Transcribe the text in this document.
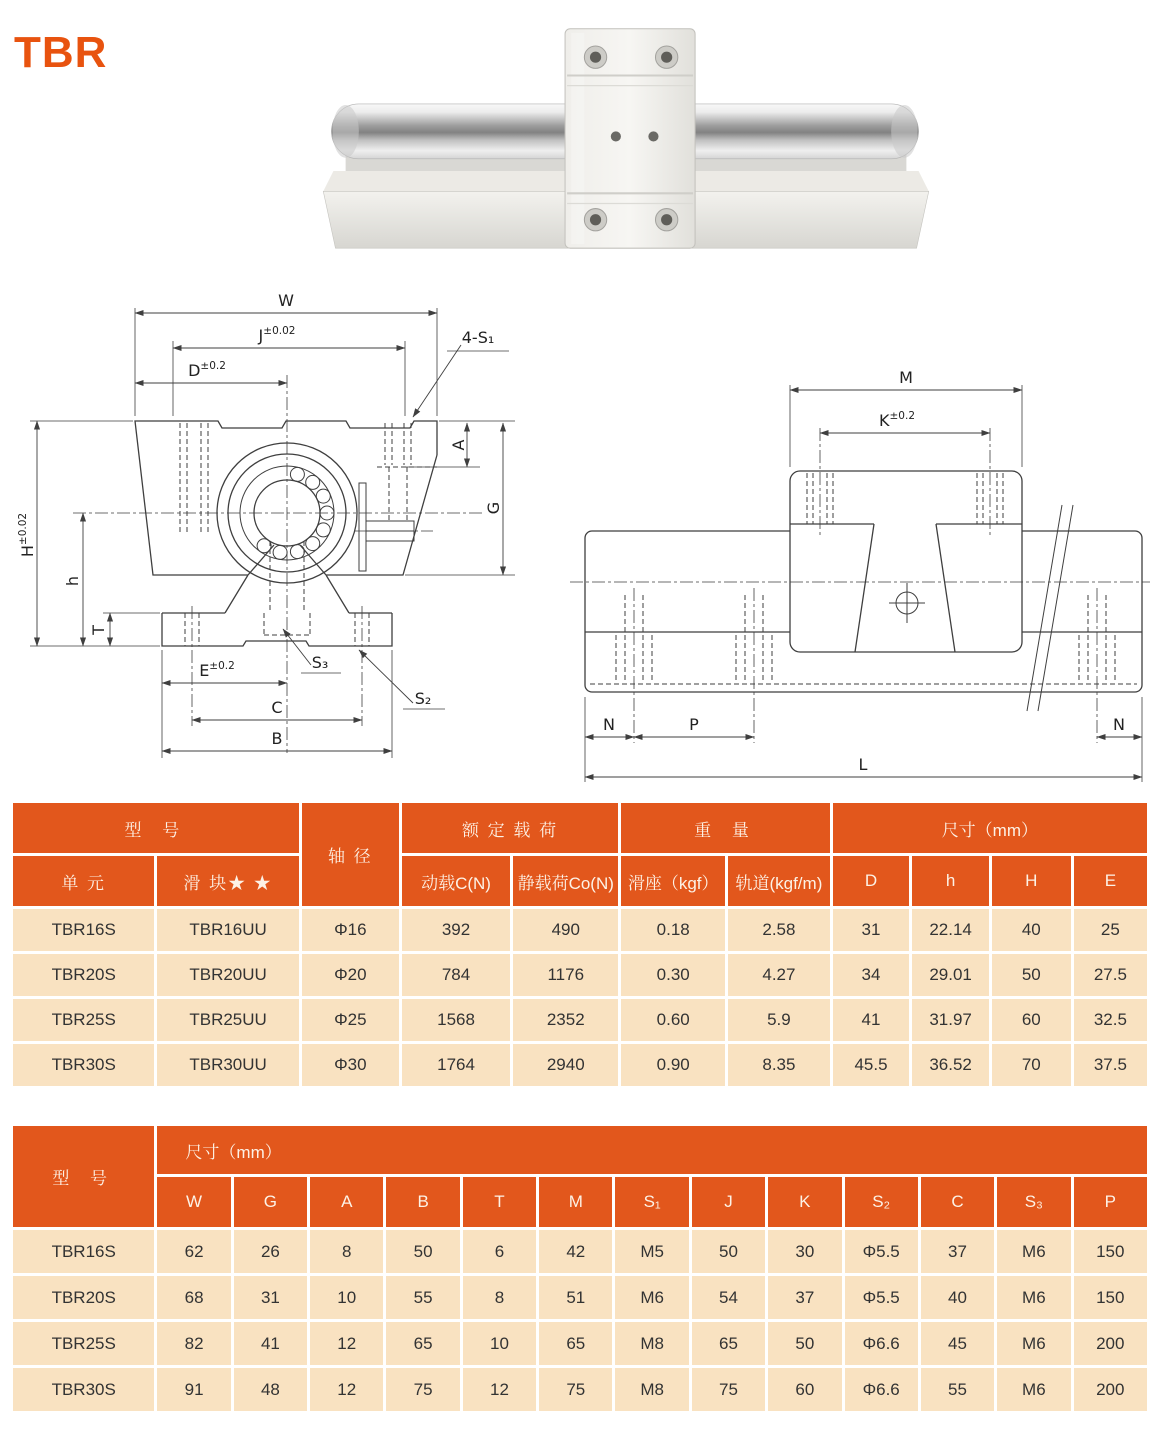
TBR
W
$J^{\pm 0.02}$
$D^{\pm 0.2}$
4-S₁
A
G
$H^{\pm 0.02}$
h
T
$E^{\pm 0.2}$
C
B
S₃
S₂
M
$K^{\pm 0.2}$
N	P	N
L
型 号		轴 径	额 定 载 荷		重 量		尺寸（mm）			
单 元	滑 块★ ★		动载C(N)	静载荷Co(N)	滑座（kgf）	轨道(kgf/m)	D	h	H	E
TBR16S	TBR16UU	Φ16	392	490	0.18	2.58	31	22.14	40	25
TBR20S	TBR20UU	Φ20	784	1176	0.30	4.27	34	29.01	50	27.5
TBR25S	TBR25UU	Φ25	1568	2352	0.60	5.9	41	31.97	60	32.5
TBR30S	TBR30UU	Φ30	1764	2940	0.90	8.35	45.5	36.52	70	37.5
型 号	尺寸（mm）												
	W	G	A	B	T	M	S₁	J	K	S₂	C	S₃	P
TBR16S	62	26	8	50	6	42	M5	50	30	Φ5.5	37	M6	150
TBR20S	68	31	10	55	8	51	M6	54	37	Φ5.5	40	M6	150
TBR25S	82	41	12	65	10	65	M8	65	50	Φ6.6	45	M6	200
TBR30S	91	48	12	75	12	75	M8	75	60	Φ6.6	55	M6	200
